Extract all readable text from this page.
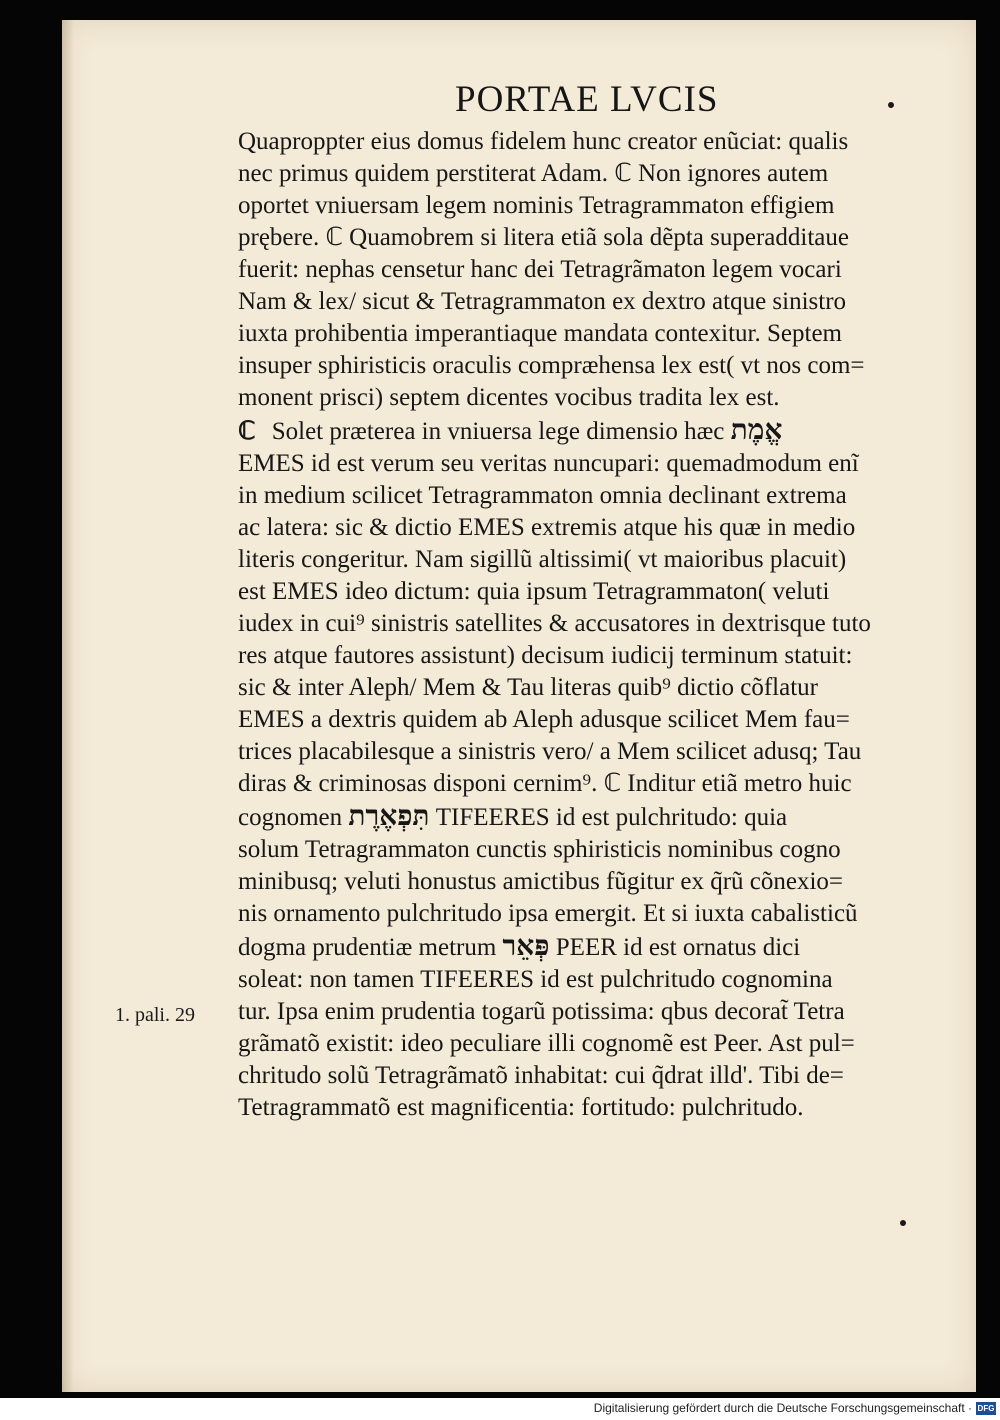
PORTAE LVCIS
1. pali. 29
Quaproppter eius domus fidelem hunc creator enũciat: qualis
nec primus quidem perstiterat Adam. ℂ Non ignores autem
oportet vniuersam legem nominis Tetragrammaton effigiem
prębere. ℂ Quamobrem si litera etiã sola dẽpta superadditaue
fuerit: nephas censetur hanc dei Tetragrãmaton legem vocari
Nam & lex/ sicut & Tetragrammaton ex dextro atque sinistro
iuxta prohibentia imperantiaque mandata contexitur. Septem
insuper sphiristicis oraculis compræhensa lex est( vt nos com=
monent prisci) septem dicentes vocibus tradita lex est.
ℂ Solet præterea in vniuersa lege dimensio hæc אֱמֶת
EMES id est verum seu veritas nuncupari: quemadmodum enĩ
in medium scilicet Tetragrammaton omnia declinant extrema
ac latera: sic & dictio EMES extremis atque his quæ in medio
literis congeritur. Nam sigillũ altissimi( vt maioribus placuit)
est EMES ideo dictum: quia ipsum Tetragrammaton( veluti
iudex in cui⁹ sinistris satellites & accusatores in dextrisque tuto
res atque fautores assistunt) decisum iudicij terminum statuit:
sic & inter Aleph/ Mem & Tau literas quib⁹ dictio cõflatur
EMES a dextris quidem ab Aleph adusque scilicet Mem fau=
trices placabilesque a sinistris vero/ a Mem scilicet adusq; Tau
diras & criminosas disponi cernim⁹. ℂ Inditur etiã metro huic
cognomen תִּפְאֶרֶת TIFEERES id est pulchritudo: quia
solum Tetragrammaton cunctis sphiristicis nominibus cogno
minibusq; veluti honustus amictibus fũgitur ex q̃rũ cõnexio=
nis ornamento pulchritudo ipsa emergit. Et si iuxta cabalisticũ
dogma prudentiæ metrum פְּאֵר PEER id est ornatus dici
soleat: non tamen TIFEERES id est pulchritudo cognomina
tur. Ipsa enim prudentia togarũ potissima: qbus decorat̃ Tetra
grãmatõ existit: ideo peculiare illi cognomẽ est Peer. Ast pul=
chritudo solũ Tetragrãmatõ inhabitat: cui q̃drat illd'. Tibi de=
Tetragrammatõ est magnificentia: fortitudo: pulchritudo.
Digitalisierung gefördert durch die Deutsche Forschungsgemeinschaft · DFG
